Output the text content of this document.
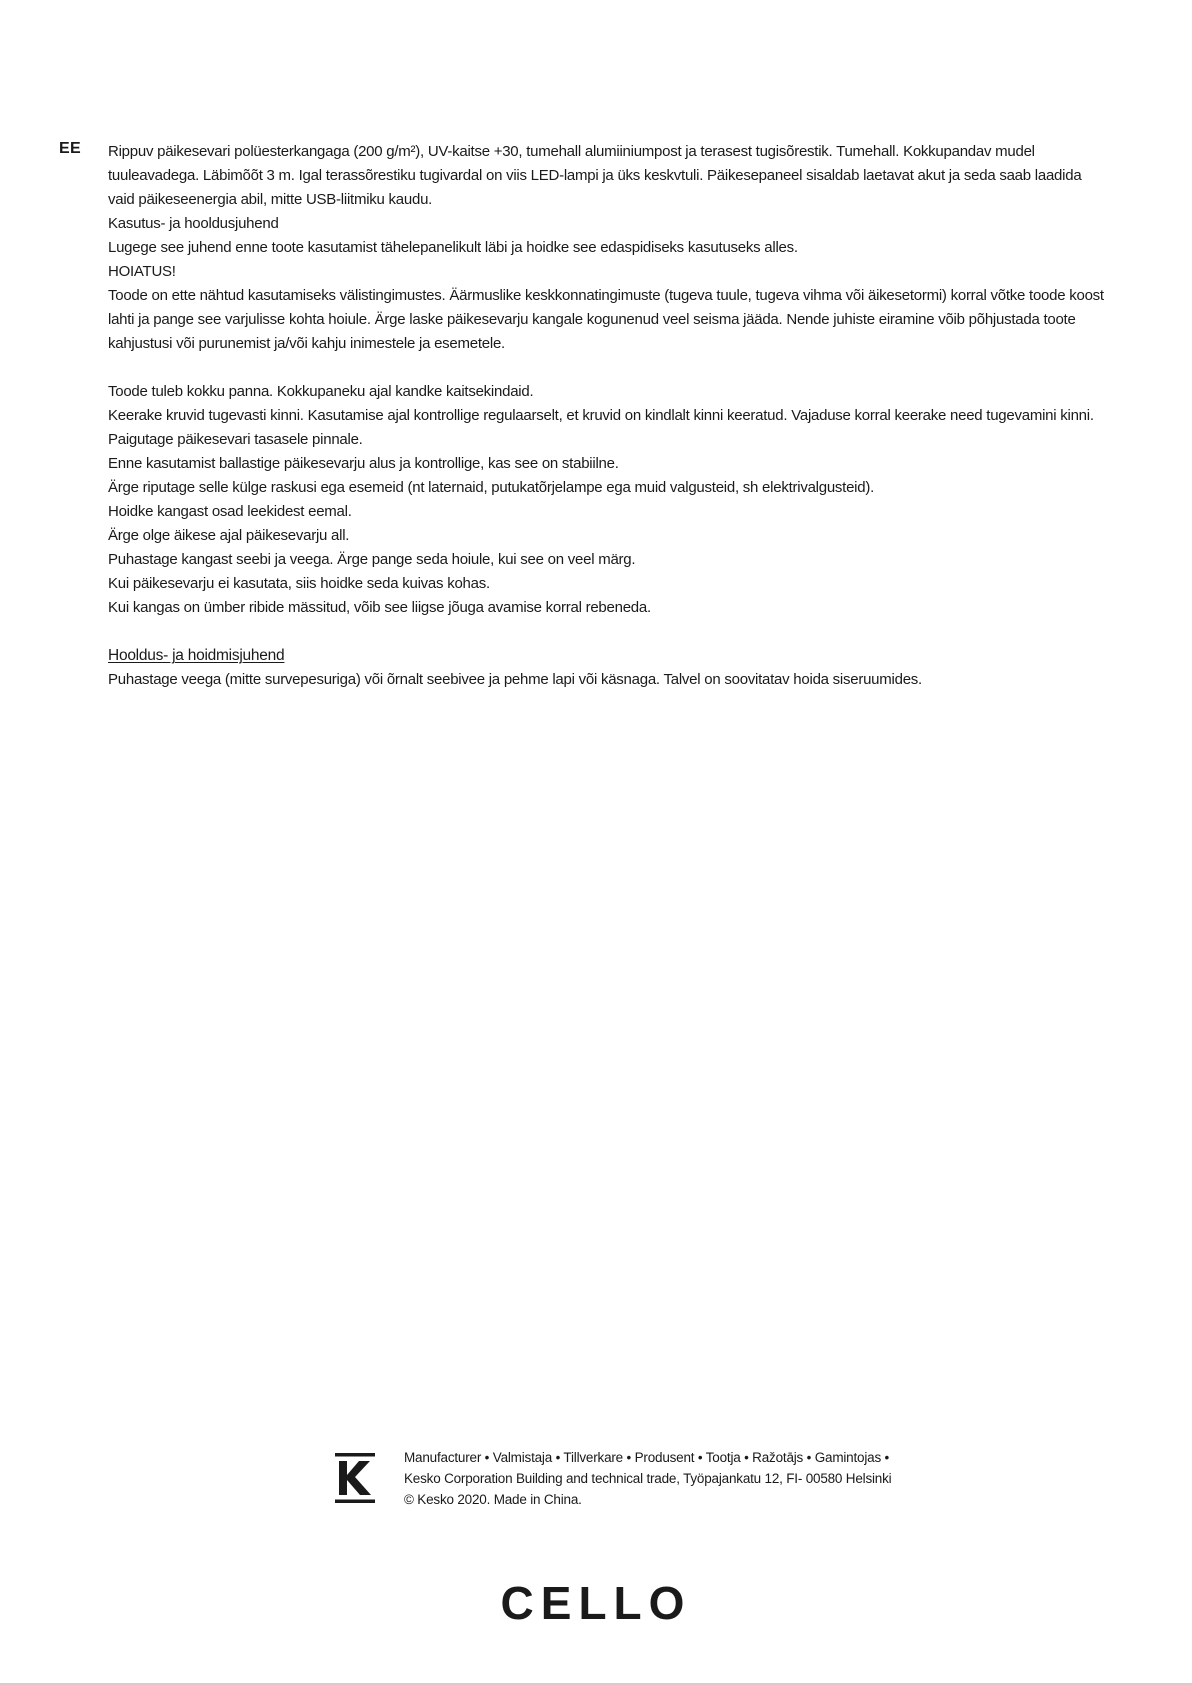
EE Rippuv päikesevari polüesterkangaga (200 g/m²), UV-kaitse +30, tumehall alumiiniumpost ja terasest tugisõrestik. Tumehall. Kokkupandav mudel tuuleavadega. Läbimõõt 3 m. Igal terassõrestiku tugivardal on viis LED-lampi ja üks keskvtuli. Päikesepaneel sisaldab laetavat akut ja seda saab laadida vaid päikeseenergia abil, mitte USB-liitmiku kaudu.

Kasutus- ja hooldusjuhend

Lugege see juhend enne toote kasutamist tähelepanelikult läbi ja hoidke see edaspidiseks kasutuseks alles.

HOIATUS!

Toode on ette nähtud kasutamiseks välistingimustes. Äärmuslike keskkonnatingimuste (tugeva tuule, tugeva vihma või äikesetormi) korral võtke toode koost lahti ja pange see varjulisse kohta hoiule. Ärge laske päikesevarju kangale kogunenud veel seisma jääda. Nende juhiste eiramine võib põhjustada toote kahjustusi või purunemist ja/või kahju inimestele ja esemetele.

Toode tuleb kokku panna. Kokkupaneku ajal kandke kaitsekindaid.

Keerake kruvid tugevasti kinni. Kasutamise ajal kontrollige regulaarselt, et kruvid on kindlalt kinni keeratud. Vajaduse korral keerake need tugevamini kinni.

Paigutage päikesevari tasasele pinnale.

Enne kasutamist ballastige päikesevarju alus ja kontrollige, kas see on stabiilne.

Ärge riputage selle külge raskusi ega esemeid (nt laternaid, putukatõrjelampe ega muid valgusteid, sh elektrivalgusteid).

Hoidke kangast osad leekidest eemal.

Ärge olge äikese ajal päikesevarju all.

Puhastage kangast seebi ja veega. Ärge pange seda hoiule, kui see on veel märg.

Kui päikesevarju ei kasutata, siis hoidke seda kuivas kohas.

Kui kangas on ümber ribide mässitud, võib see liigse jõuga avamise korral rebeneda.

Hooldus- ja hoidmisjuhend

Puhastage veega (mitte survepesuriga) või õrnalt seebivee ja pehme lapi või käsnaga. Talvel on soovitatav hoida siseruumides.

Manufacturer • Valmistaja • Tillverkare • Produsent • Tootja • Ražotājs • Gamintojas • Kesko Corporation Building and technical trade, Työpajankatu 12, FI- 00580 Helsinki © Kesko 2020. Made in China.
CELLO
